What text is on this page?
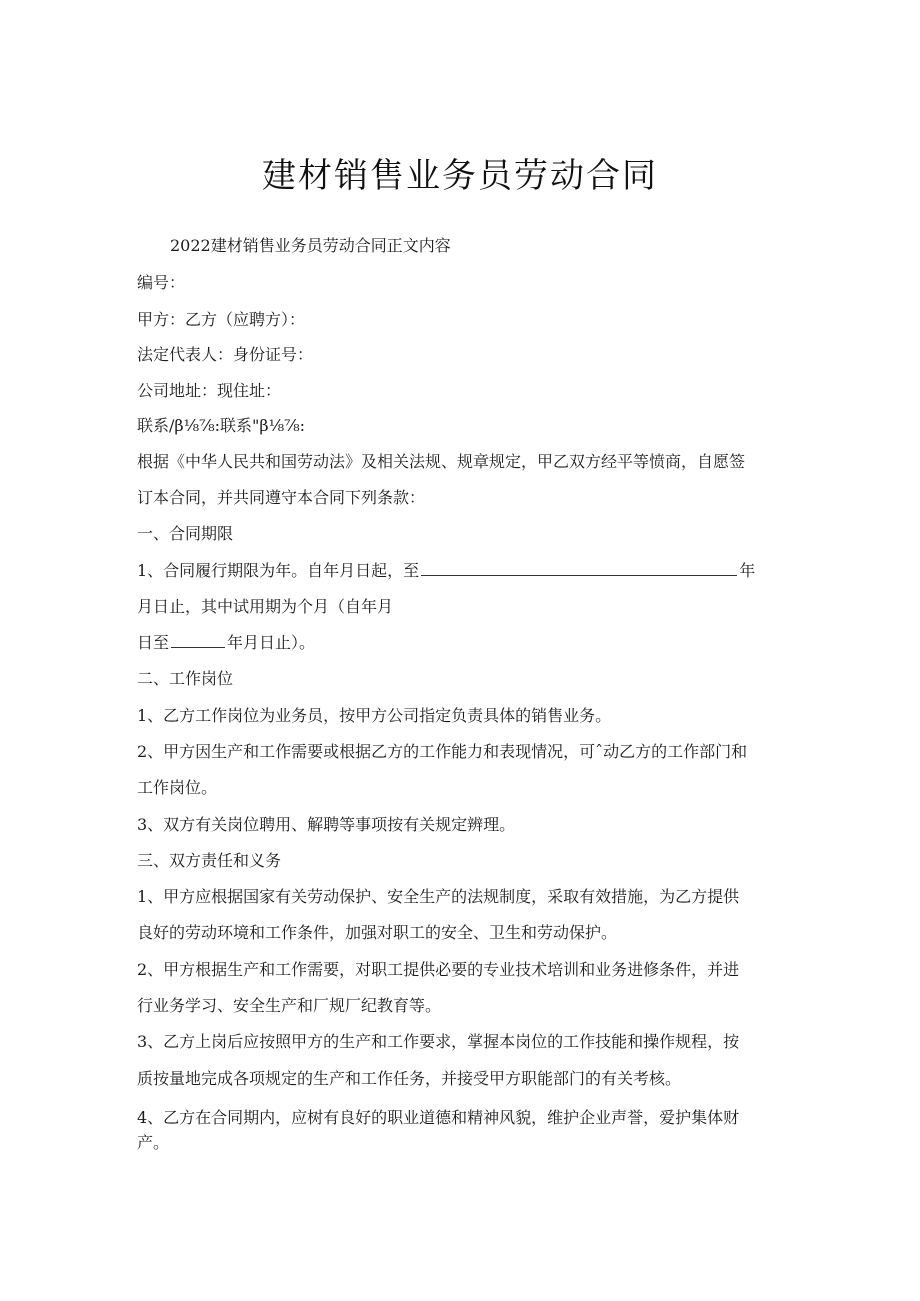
建材销售业务员劳动合同
2022建材销售业务员劳动合同正文内容
编号：
甲方：乙方（应聘方）：
法定代表人：身份证号：
公司地址：现住址：
联系/β⅛⅞:联系"β⅛⅞:
根据《中华人民共和国劳动法》及相关法规、规章规定，甲乙双方经平等愤商，自愿签
订本合同，并共同遵守本合同下列条款：
一、合同期限
1、合同履行期限为年。自年月日起，至	年
月日止，其中试用期为个月（自年月
日至	年月日止）。
二、工作岗位
1、乙方工作岗位为业务员，按甲方公司指定负责具体的销售业务。
2、甲方因生产和工作需要或根据乙方的工作能力和表现情况，可ˆ动乙方的工作部门和
工作岗位。
3、双方有关岗位聘用、解聘等事项按有关规定辨理。
三、双方责任和义务
1、甲方应根据国家有关劳动保护、安全生产的法规制度，采取有效措施，为乙方提供
良好的劳动环境和工作条件，加强对职工的安全、卫生和劳动保护。
2、甲方根据生产和工作需要，对职工提供必要的专业技术培训和业务进修条件，并进
行业务学习、安全生产和厂规厂纪教育等。
3、乙方上岗后应按照甲方的生产和工作要求，掌握本岗位的工作技能和操作规程，按
质按量地完成各项规定的生产和工作任务，并接受甲方职能部门的有关考核。
4、乙方在合同期内，应树有良好的职业道德和精神风貌，维护企业声誉，爱护集体财
产。
